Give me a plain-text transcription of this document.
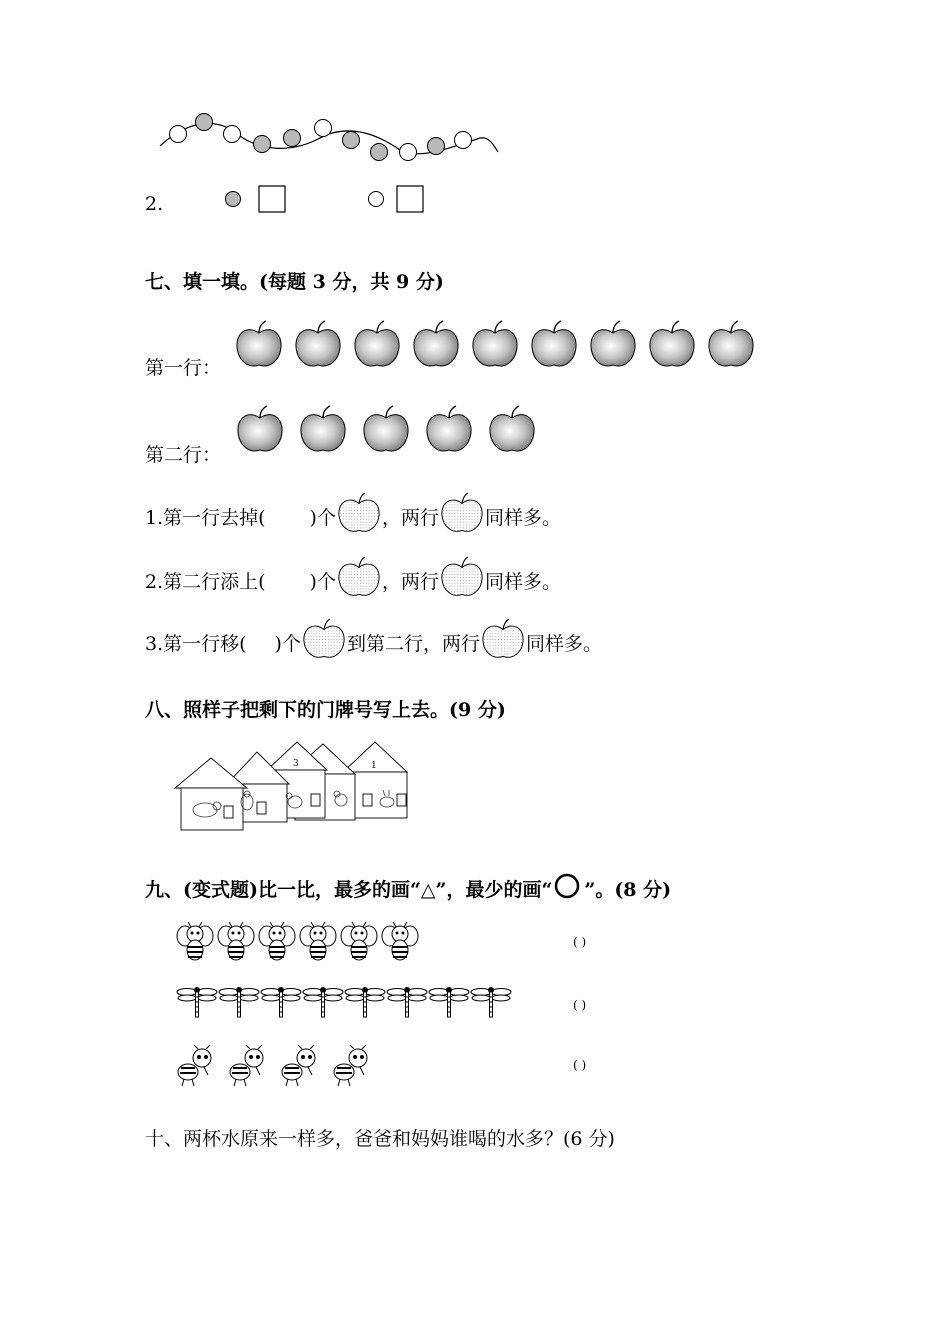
2.
七、填一填。(每题 3 分，共 9 分)
第一行：
第二行：
1.第一行去掉( )个 ，两行 同样多。
2.第二行添上( )个 ，两行 同样多。
3.第一行移( )个 到第二行，两行 同样多。
八、照样子把剩下的门牌号写上去。(9 分)
3	1
九、(变式题)比一比，最多的画“△”，最少的画“ ”。(8 分)
( )
( )
( )
十、两杯水原来一样多，爸爸和妈妈谁喝的水多？(6 分)
